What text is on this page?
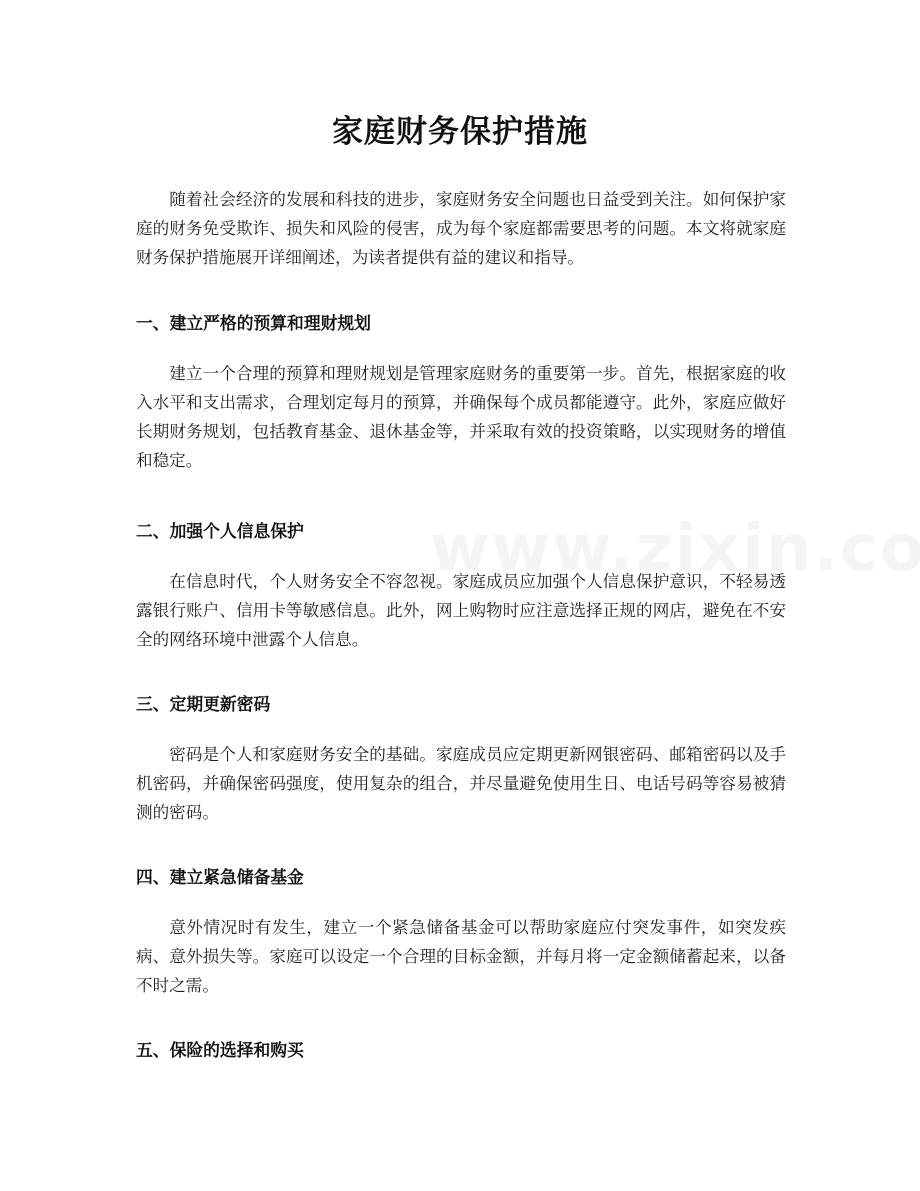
家庭财务保护措施

随着社会经济的发展和科技的进步，家庭财务安全问题也日益受到关注。如何保护家庭的财务免受欺诈、损失和风险的侵害，成为每个家庭都需要思考的问题。本文将就家庭财务保护措施展开详细阐述，为读者提供有益的建议和指导。

一、建立严格的预算和理财规划

建立一个合理的预算和理财规划是管理家庭财务的重要第一步。首先，根据家庭的收入水平和支出需求，合理划定每月的预算，并确保每个成员都能遵守。此外，家庭应做好长期财务规划，包括教育基金、退休基金等，并采取有效的投资策略，以实现财务的增值和稳定。

二、加强个人信息保护

在信息时代，个人财务安全不容忽视。家庭成员应加强个人信息保护意识，不轻易透露银行账户、信用卡等敏感信息。此外，网上购物时应注意选择正规的网店，避免在不安全的网络环境中泄露个人信息。

三、定期更新密码

密码是个人和家庭财务安全的基础。家庭成员应定期更新网银密码、邮箱密码以及手机密码，并确保密码强度，使用复杂的组合，并尽量避免使用生日、电话号码等容易被猜测的密码。

四、建立紧急储备基金

意外情况时有发生，建立一个紧急储备基金可以帮助家庭应付突发事件，如突发疾病、意外损失等。家庭可以设定一个合理的目标金额，并每月将一定金额储蓄起来，以备不时之需。

五、保险的选择和购买
